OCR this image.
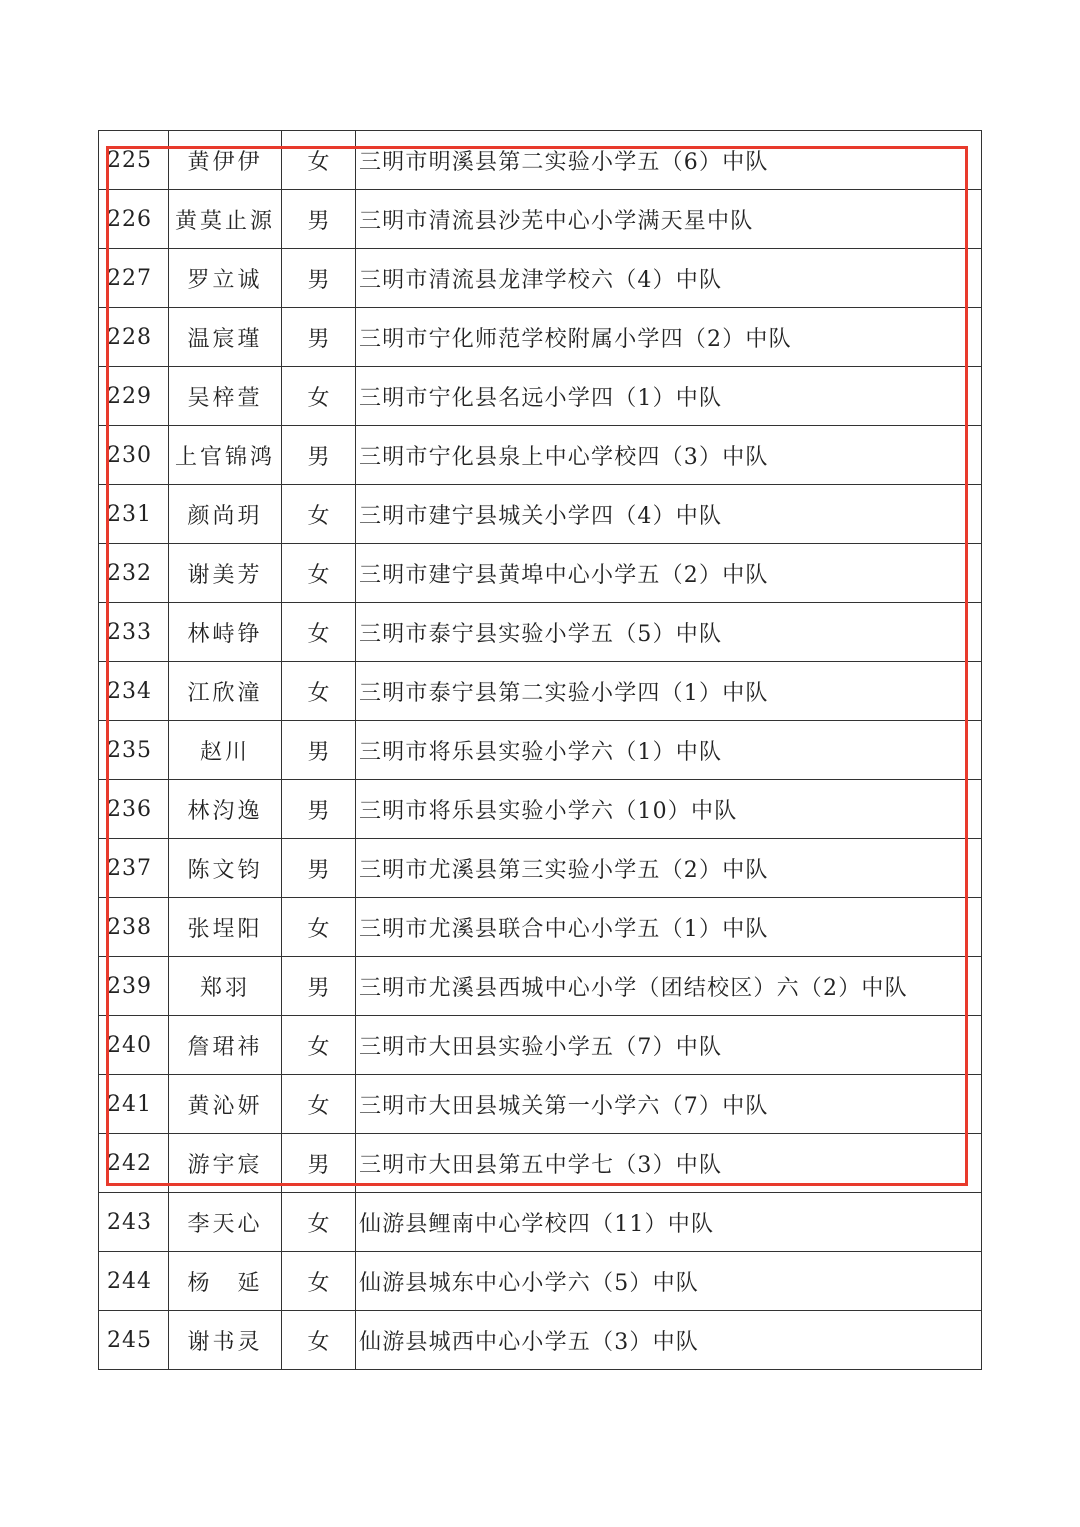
225	黄伊伊	女	三明市明溪县第二实验小学五（6）中队
226	黄莫止源	男	三明市清流县沙芜中心小学满天星中队
227	罗立诚	男	三明市清流县龙津学校六（4）中队
228	温宸瑾	男	三明市宁化师范学校附属小学四（2）中队
229	吴梓萱	女	三明市宁化县名远小学四（1）中队
230	上官锦鸿	男	三明市宁化县泉上中心学校四（3）中队
231	颜尚玥	女	三明市建宁县城关小学四（4）中队
232	谢美芳	女	三明市建宁县黄埠中心小学五（2）中队
233	林峙铮	女	三明市泰宁县实验小学五（5）中队
234	江欣潼	女	三明市泰宁县第二实验小学四（1）中队
235	赵川	男	三明市将乐县实验小学六（1）中队
236	林汮逸	男	三明市将乐县实验小学六（10）中队
237	陈文钧	男	三明市尤溪县第三实验小学五（2）中队
238	张埕阳	女	三明市尤溪县联合中心小学五（1）中队
239	郑羽	男	三明市尤溪县西城中心小学（团结校区）六（2）中队
240	詹珺祎	女	三明市大田县实验小学五（7）中队
241	黄沁妍	女	三明市大田县城关第一小学六（7）中队
242	游宇宸	男	三明市大田县第五中学七（3）中队
243	李天心	女	仙游县鲤南中心学校四（11）中队
244	杨　延	女	仙游县城东中心小学六（5）中队
245	谢书灵	女	仙游县城西中心小学五（3）中队
